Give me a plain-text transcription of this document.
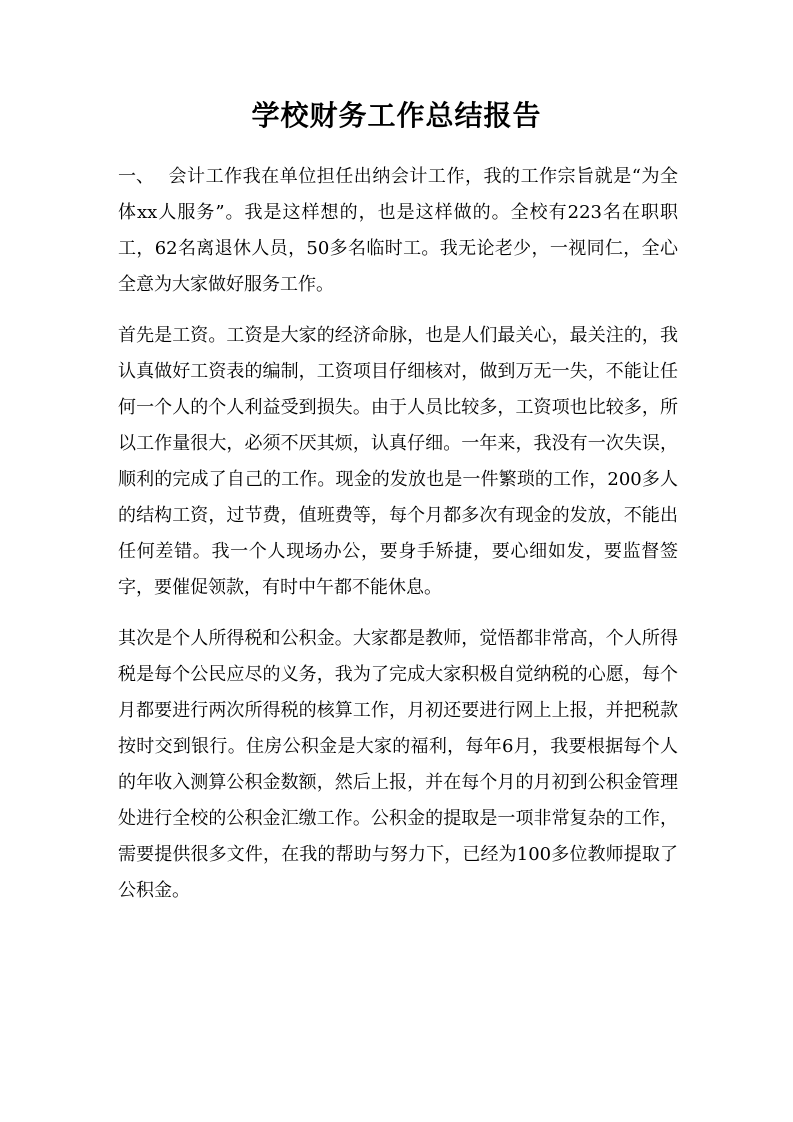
学校财务工作总结报告

一、 会计工作我在单位担任出纳会计工作，我的工作宗旨就是“为全体xx人服务”。我是这样想的，也是这样做的。全校有223名在职职工，62名离退休人员，50多名临时工。我无论老少，一视同仁，全心全意为大家做好服务工作。

首先是工资。工资是大家的经济命脉，也是人们最关心，最关注的，我认真做好工资表的编制，工资项目仔细核对，做到万无一失，不能让任何一个人的个人利益受到损失。由于人员比较多，工资项也比较多，所以工作量很大，必须不厌其烦，认真仔细。一年来，我没有一次失误，顺利的完成了自己的工作。现金的发放也是一件繁琐的工作，200多人的结构工资，过节费，值班费等，每个月都多次有现金的发放，不能出任何差错。我一个人现场办公，要身手矫捷，要心细如发，要监督签字，要催促领款，有时中午都不能休息。

其次是个人所得税和公积金。大家都是教师，觉悟都非常高，个人所得税是每个公民应尽的义务，我为了完成大家积极自觉纳税的心愿，每个月都要进行两次所得税的核算工作，月初还要进行网上上报，并把税款按时交到银行。住房公积金是大家的福利，每年6月，我要根据每个人的年收入测算公积金数额，然后上报，并在每个月的月初到公积金管理处进行全校的公积金汇缴工作。公积金的提取是一项非常复杂的工作，需要提供很多文件，在我的帮助与努力下，已经为100多位教师提取了公积金。
